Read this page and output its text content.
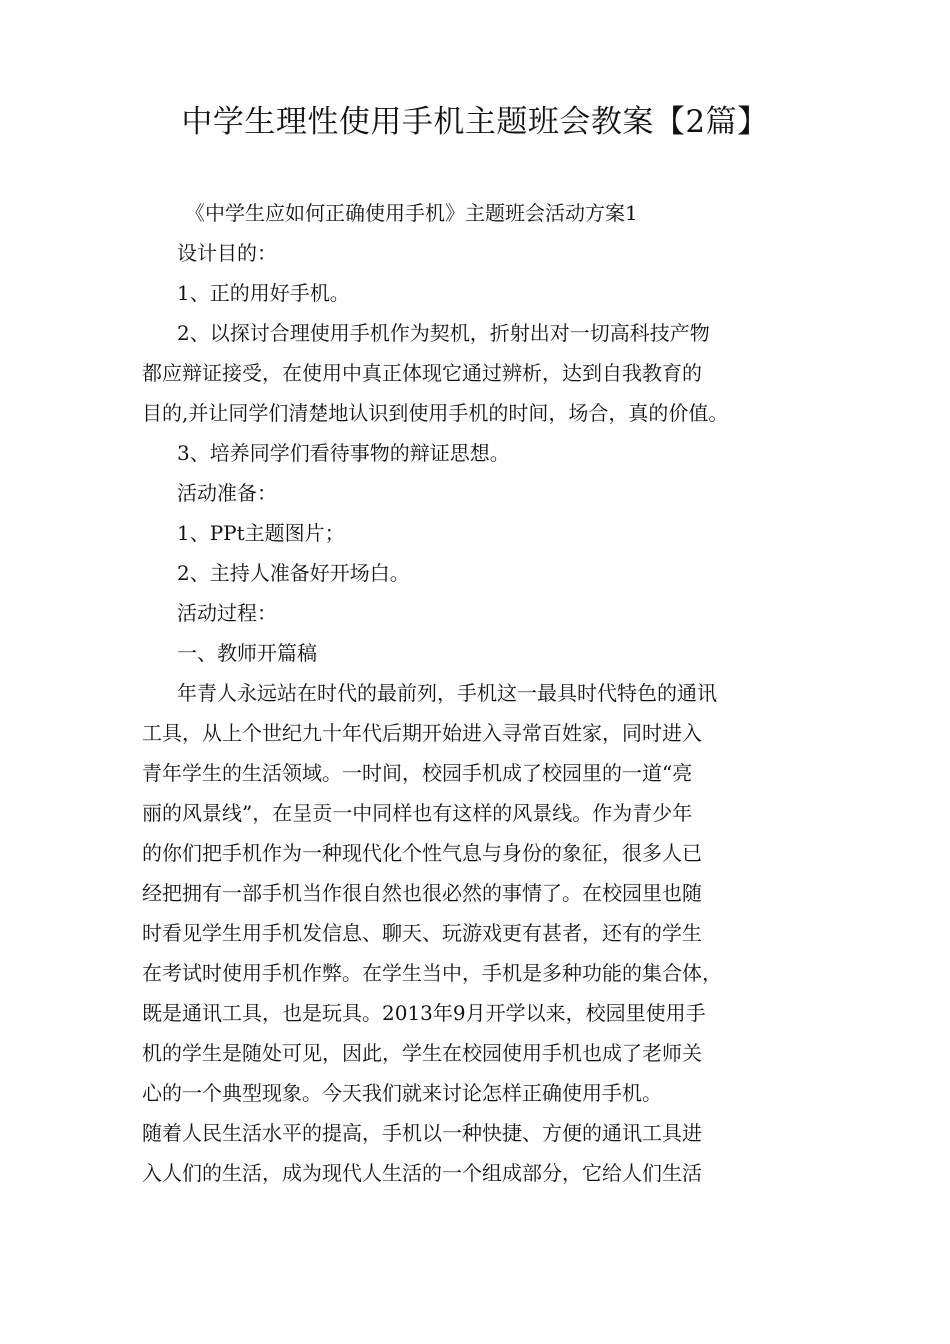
中学生理性使用手机主题班会教案【2篇】
《中学生应如何正确使用手机》主题班会活动方案1
设计目的：
1、正的用好手机。
2、以探讨合理使用手机作为契机，折射出对一切高科技产物
都应辩证接受，在使用中真正体现它通过辨析，达到自我教育的
目的,并让同学们清楚地认识到使用手机的时间，场合，真的价值。
3、培养同学们看待事物的辩证思想。
活动准备：
1、PPt主题图片；
2、主持人准备好开场白。
活动过程：
一、教师开篇稿
年青人永远站在时代的最前列，手机这一最具时代特色的通讯
工具，从上个世纪九十年代后期开始进入寻常百姓家，同时进入
青年学生的生活领域。一时间，校园手机成了校园里的一道“亮
丽的风景线”，在呈贡一中同样也有这样的风景线。作为青少年
的你们把手机作为一种现代化个性气息与身份的象征，很多人已
经把拥有一部手机当作很自然也很必然的事情了。在校园里也随
时看见学生用手机发信息、聊天、玩游戏更有甚者，还有的学生
在考试时使用手机作弊。在学生当中，手机是多种功能的集合体，
既是通讯工具，也是玩具。2013年9月开学以来，校园里使用手
机的学生是随处可见，因此，学生在校园使用手机也成了老师关
心的一个典型现象。今天我们就来讨论怎样正确使用手机。
随着人民生活水平的提高，手机以一种快捷、方便的通讯工具进
入人们的生活，成为现代人生活的一个组成部分，它给人们生活
